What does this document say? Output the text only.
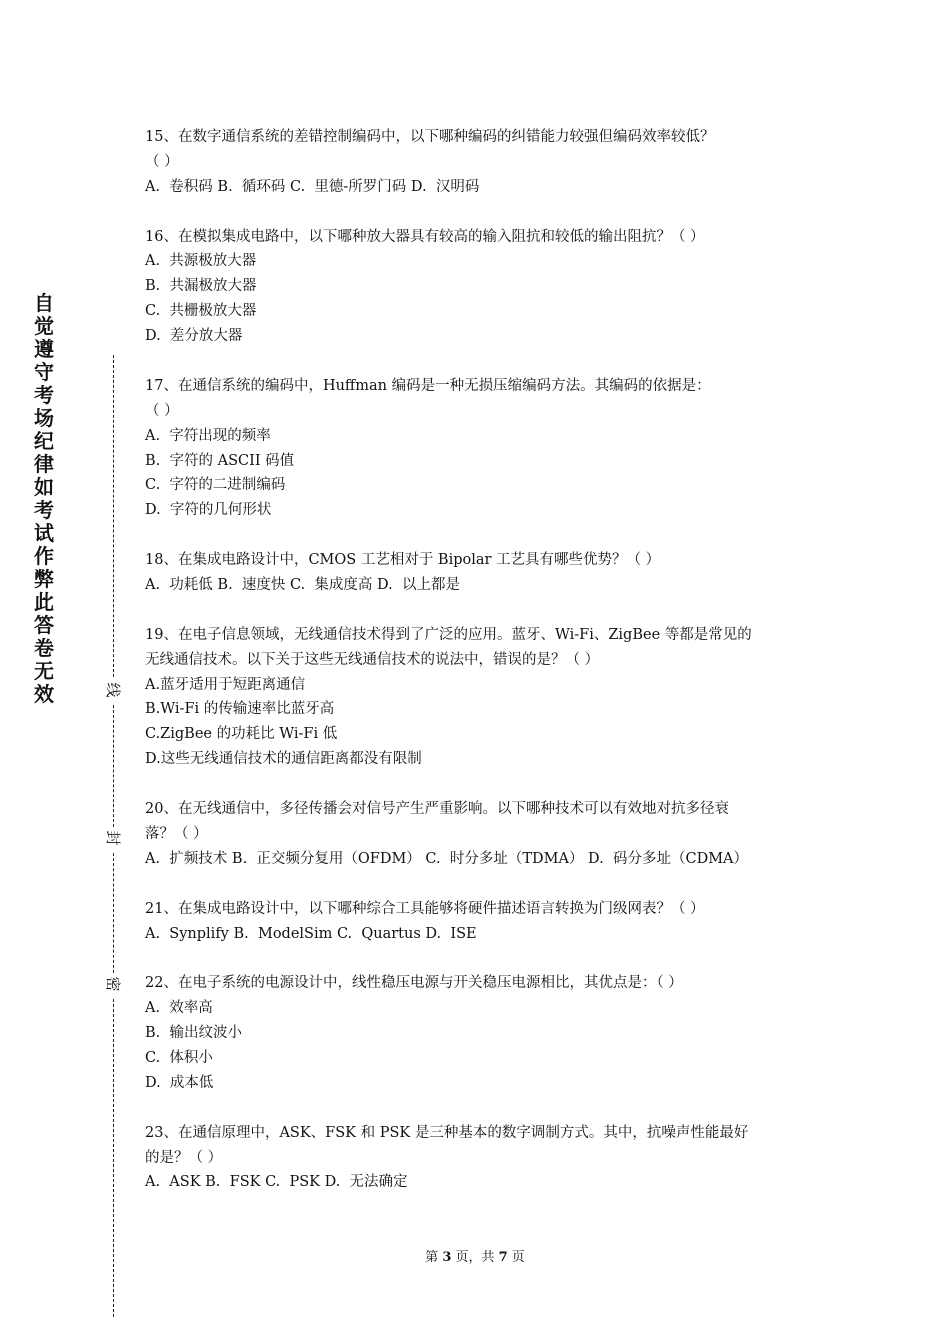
自觉遵守考场纪律如考试作弊此答卷无效	线
封
密
15、在数字通信系统的差错控制编码中，以下哪种编码的纠错能力较强但编码效率较低？
（ ）
A.  卷积码 B.  循环码 C.  里德-所罗门码 D.  汉明码
16、在模拟集成电路中，以下哪种放大器具有较高的输入阻抗和较低的输出阻抗？（ ）
A.  共源极放大器
B.  共漏极放大器
C.  共栅极放大器
D.  差分放大器
17、在通信系统的编码中，Huffman 编码是一种无损压缩编码方法。其编码的依据是：
（ ）
A.  字符出现的频率
B.  字符的 ASCII 码值
C.  字符的二进制编码
D.  字符的几何形状
18、在集成电路设计中，CMOS 工艺相对于 Bipolar 工艺具有哪些优势？（ ）
A.  功耗低 B.  速度快 C.  集成度高 D.  以上都是
19、在电子信息领域，无线通信技术得到了广泛的应用。蓝牙、Wi-Fi、ZigBee 等都是常见的
无线通信技术。以下关于这些无线通信技术的说法中，错误的是？（ ）
A.蓝牙适用于短距离通信
B.Wi-Fi 的传输速率比蓝牙高
C.ZigBee 的功耗比 Wi-Fi 低
D.这些无线通信技术的通信距离都没有限制
20、在无线通信中，多径传播会对信号产生严重影响。以下哪种技术可以有效地对抗多径衰
落？（ ）
A.  扩频技术 B.  正交频分复用（OFDM） C.  时分多址（TDMA） D.  码分多址（CDMA）
21、在集成电路设计中，以下哪种综合工具能够将硬件描述语言转换为门级网表？（ ）
A.  Synplify B.  ModelSim C.  Quartus D.  ISE
22、在电子系统的电源设计中，线性稳压电源与开关稳压电源相比，其优点是：（ ）
A.  效率高
B.  输出纹波小
C.  体积小
D.  成本低
23、在通信原理中，ASK、FSK 和 PSK 是三种基本的数字调制方式。其中，抗噪声性能最好
的是？（ ）
A.  ASK B.  FSK C.  PSK D.  无法确定
第 3 页，共 7 页
